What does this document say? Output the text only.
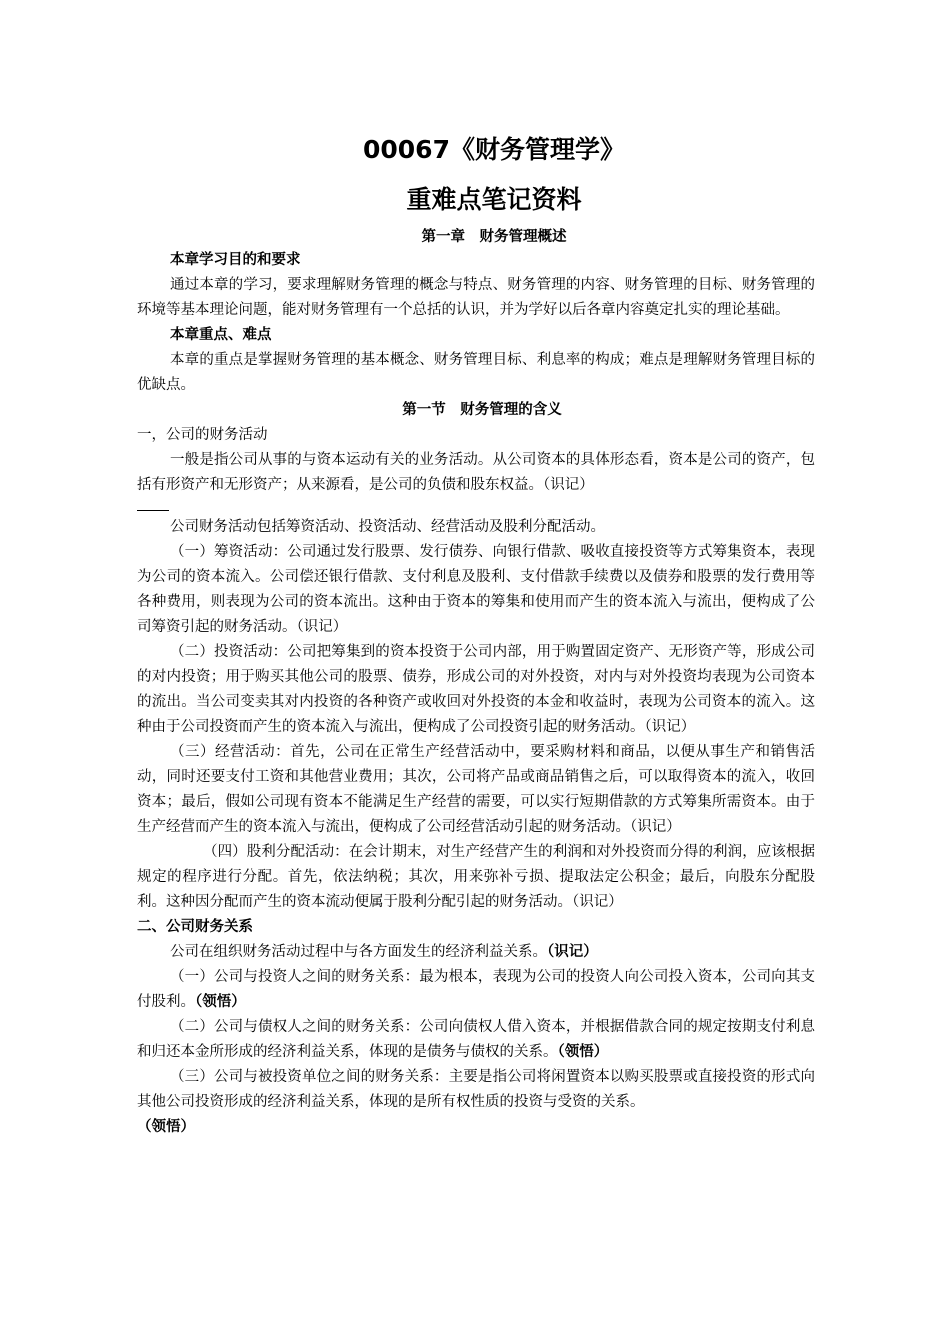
00067《财务管理学》
重难点笔记资料
第一章　财务管理概述

本章学习目的和要求

通过本章的学习，要求理解财务管理的概念与特点、财务管理的内容、财务管理的目标、财务管理的环境等基本理论问题，能对财务管理有一个总括的认识，并为学好以后各章内容奠定扎实的理论基础。

本章重点、难点

本章的重点是掌握财务管理的基本概念、财务管理目标、利息率的构成；难点是理解财务管理目标的优缺点。

第一节　财务管理的含义

一，公司的财务活动

一般是指公司从事的与资本运动有关的业务活动。从公司资本的具体形态看，资本是公司的资产，包括有形资产和无形资产；从来源看，是公司的负债和股东权益。（识记）

公司财务活动包括筹资活动、投资活动、经营活动及股利分配活动。

（一）筹资活动：公司通过发行股票、发行债券、向银行借款、吸收直接投资等方式筹集资本，表现为公司的资本流入。公司偿还银行借款、支付利息及股利、支付借款手续费以及债券和股票的发行费用等各种费用，则表现为公司的资本流出。这种由于资本的筹集和使用而产生的资本流入与流出，便构成了公司筹资引起的财务活动。（识记）

（二）投资活动：公司把筹集到的资本投资于公司内部，用于购置固定资产、无形资产等，形成公司的对内投资；用于购买其他公司的股票、债券，形成公司的对外投资，对内与对外投资均表现为公司资本的流出。当公司变卖其对内投资的各种资产或收回对外投资的本金和收益时，表现为公司资本的流入。这种由于公司投资而产生的资本流入与流出，便构成了公司投资引起的财务活动。（识记）

（三）经营活动：首先，公司在正常生产经营活动中，要采购材料和商品，以便从事生产和销售活动，同时还要支付工资和其他营业费用；其次，公司将产品或商品销售之后，可以取得资本的流入，收回资本；最后，假如公司现有资本不能满足生产经营的需要，可以实行短期借款的方式筹集所需资本。由于生产经营而产生的资本流入与流出，便构成了公司经营活动引起的财务活动。（识记）

（四）股利分配活动：在会计期末，对生产经营产生的利润和对外投资而分得的利润，应该根据规定的程序进行分配。首先，依法纳税；其次，用来弥补亏损、提取法定公积金；最后，向股东分配股利。这种因分配而产生的资本流动便属于股利分配引起的财务活动。（识记）

二、公司财务关系

公司在组织财务活动过程中与各方面发生的经济利益关系。（识记）

（一）公司与投资人之间的财务关系：最为根本，表现为公司的投资人向公司投入资本，公司向其支付股利。（领悟）

（二）公司与债权人之间的财务关系：公司向债权人借入资本，并根据借款合同的规定按期支付利息和归还本金所形成的经济利益关系，体现的是债务与债权的关系。（领悟）

（三）公司与被投资单位之间的财务关系：主要是指公司将闲置资本以购买股票或直接投资的形式向其他公司投资形成的经济利益关系，体现的是所有权性质的投资与受资的关系。
（领悟）
